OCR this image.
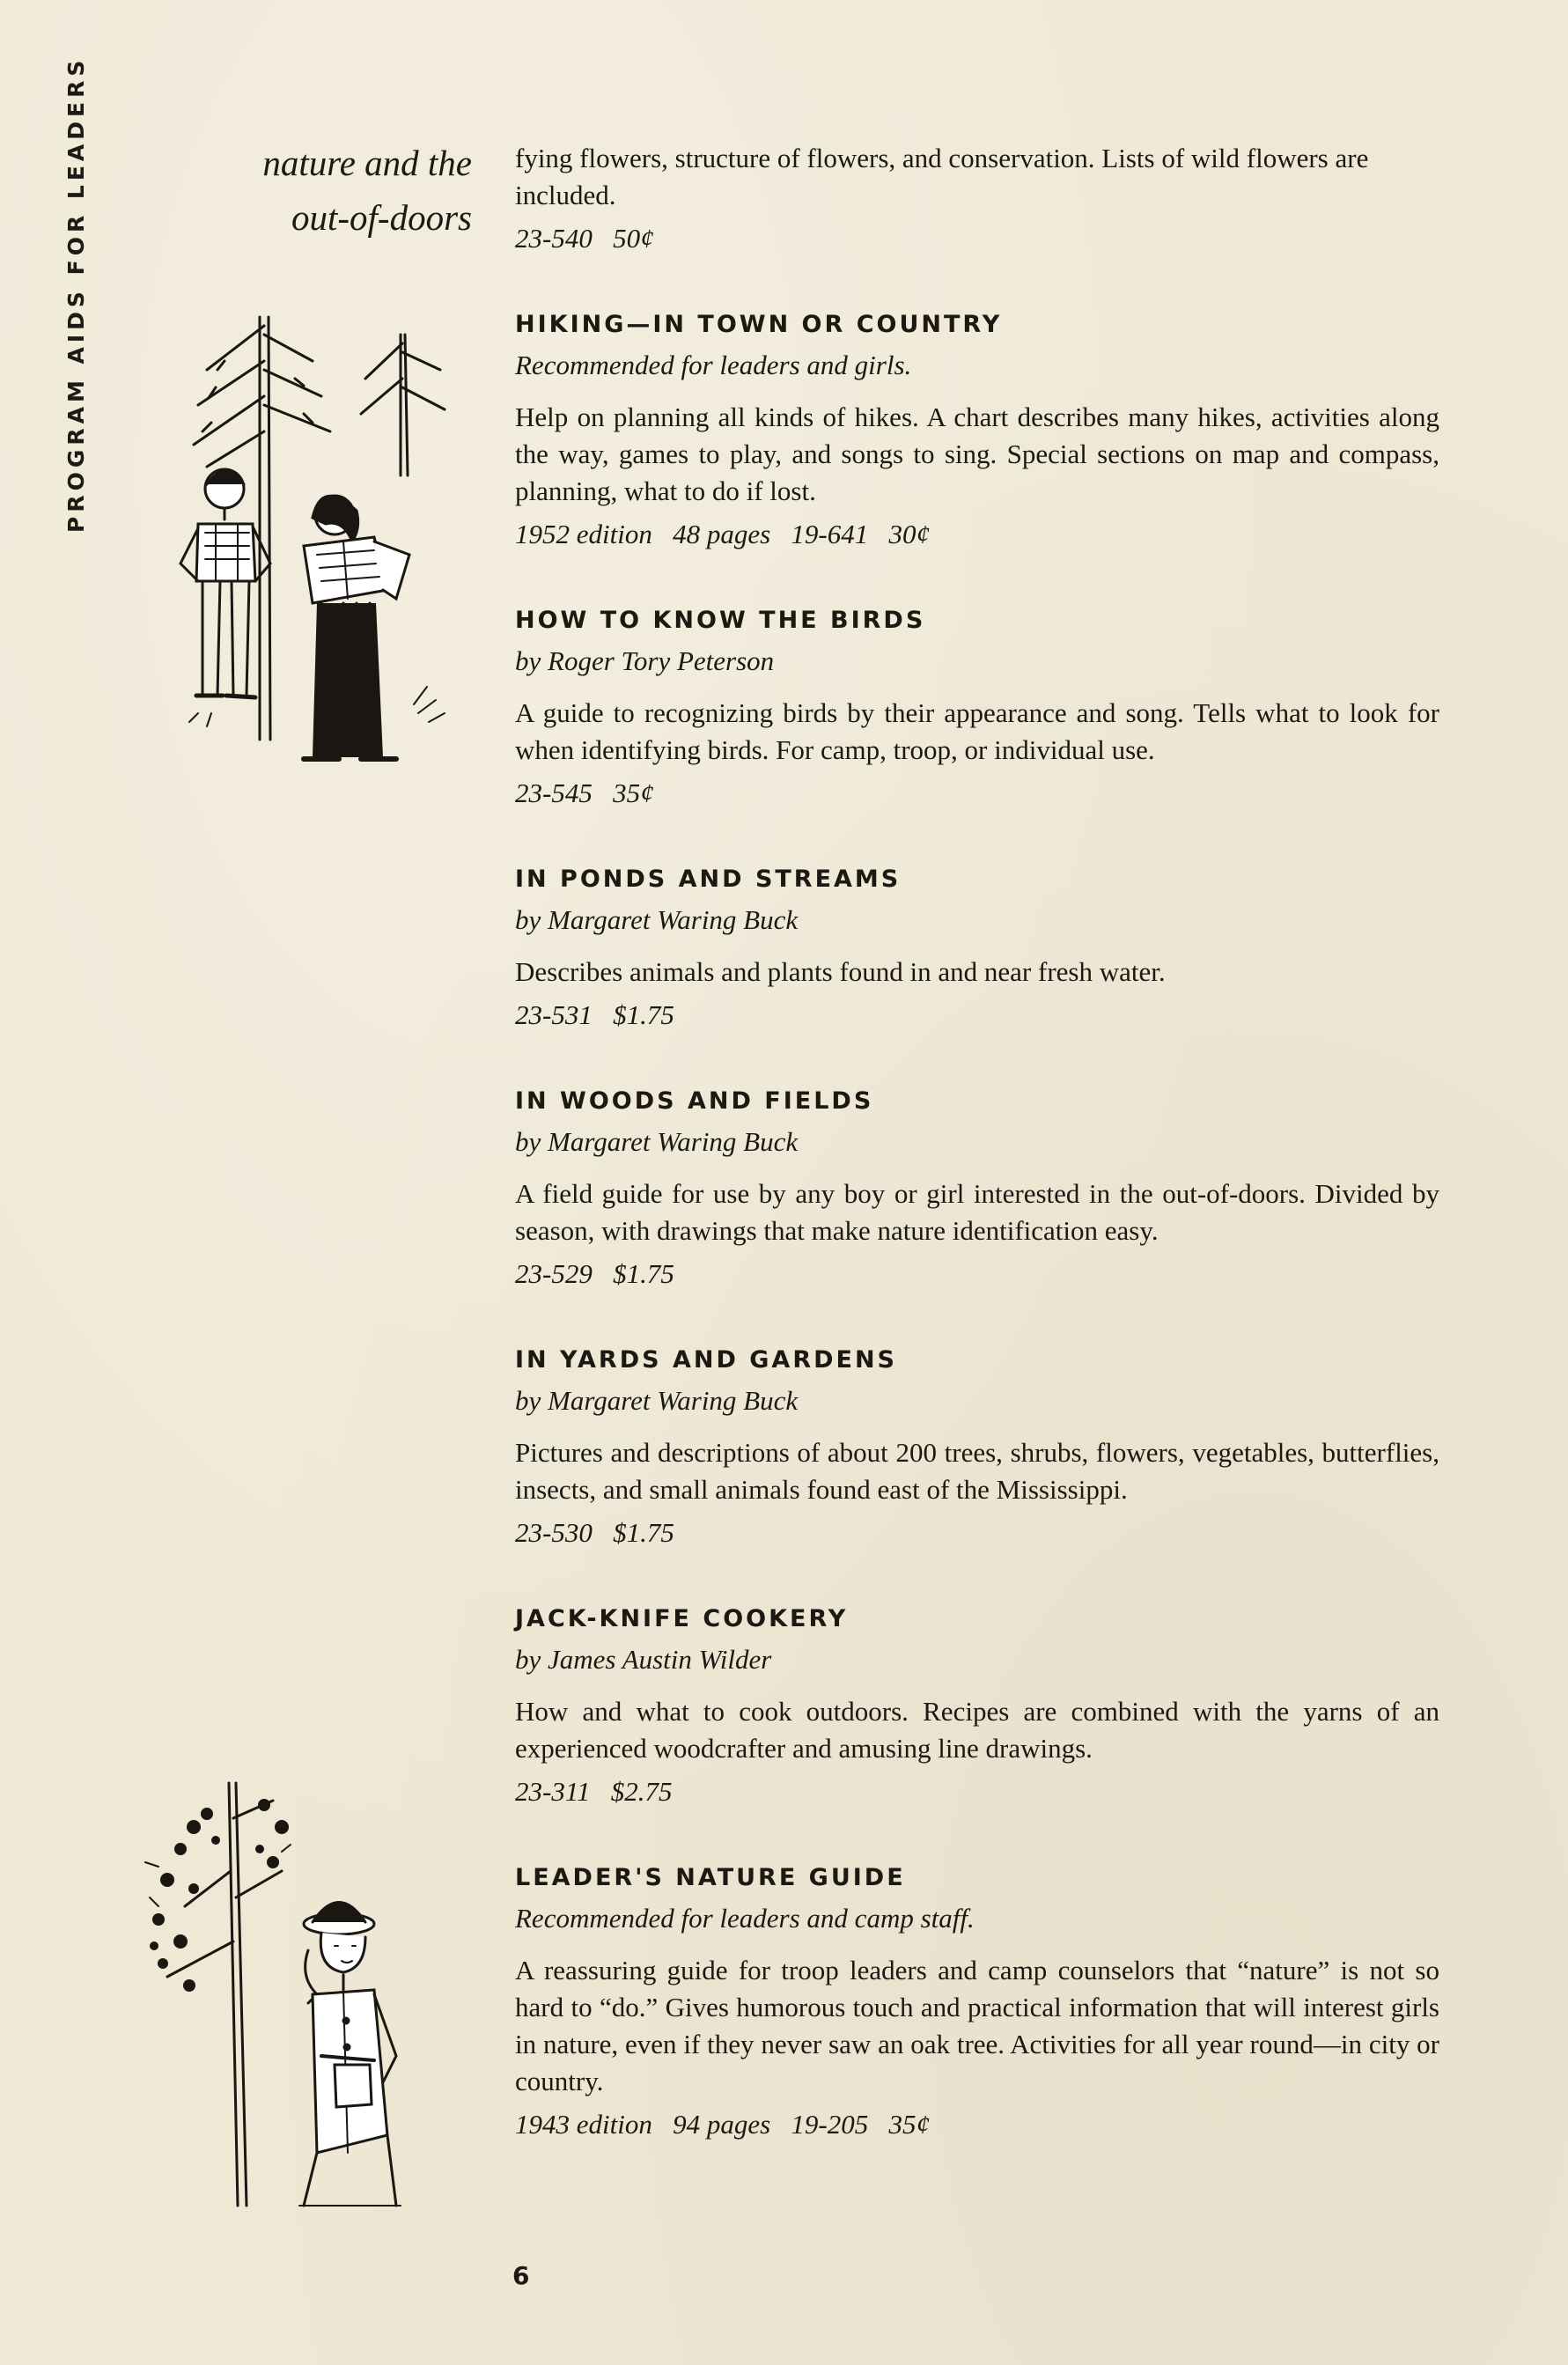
PROGRAM AIDS FOR LEADERS	nature and the
out-of-doors

fying flowers, structure of flowers, and conservation. Lists of wild flowers are included.

23-540   50¢
HIKING—IN TOWN OR COUNTRY
Recommended for leaders and girls.

Help on planning all kinds of hikes. A chart describes many hikes, activities along the way, games to play, and songs to sing. Special sections on map and compass, planning, what to do if lost.

1952 edition   48 pages   19-641   30¢
HOW TO KNOW THE BIRDS
by Roger Tory Peterson

A guide to recognizing birds by their appearance and song. Tells what to look for when identifying birds. For camp, troop, or individual use.

23-545   35¢
IN PONDS AND STREAMS
by Margaret Waring Buck

Describes animals and plants found in and near fresh water.

23-531   $1.75
IN WOODS AND FIELDS
by Margaret Waring Buck

A field guide for use by any boy or girl interested in the out-of-doors. Divided by season, with drawings that make nature identification easy.

23-529   $1.75
IN YARDS AND GARDENS
by Margaret Waring Buck

Pictures and descriptions of about 200 trees, shrubs, flowers, vegetables, butterflies, insects, and small animals found east of the Mississippi.

23-530   $1.75
JACK-KNIFE COOKERY
by James Austin Wilder

How and what to cook outdoors. Recipes are combined with the yarns of an experienced woodcrafter and amusing line drawings.

23-311   $2.75
LEADER'S NATURE GUIDE
Recommended for leaders and camp staff.

A reassuring guide for troop leaders and camp counselors that “nature” is not so hard to “do.” Gives humorous touch and practical information that will interest girls in nature, even if they never saw an oak tree. Activities for all year round—in city or country.

1943 edition   94 pages   19-205   35¢
6
